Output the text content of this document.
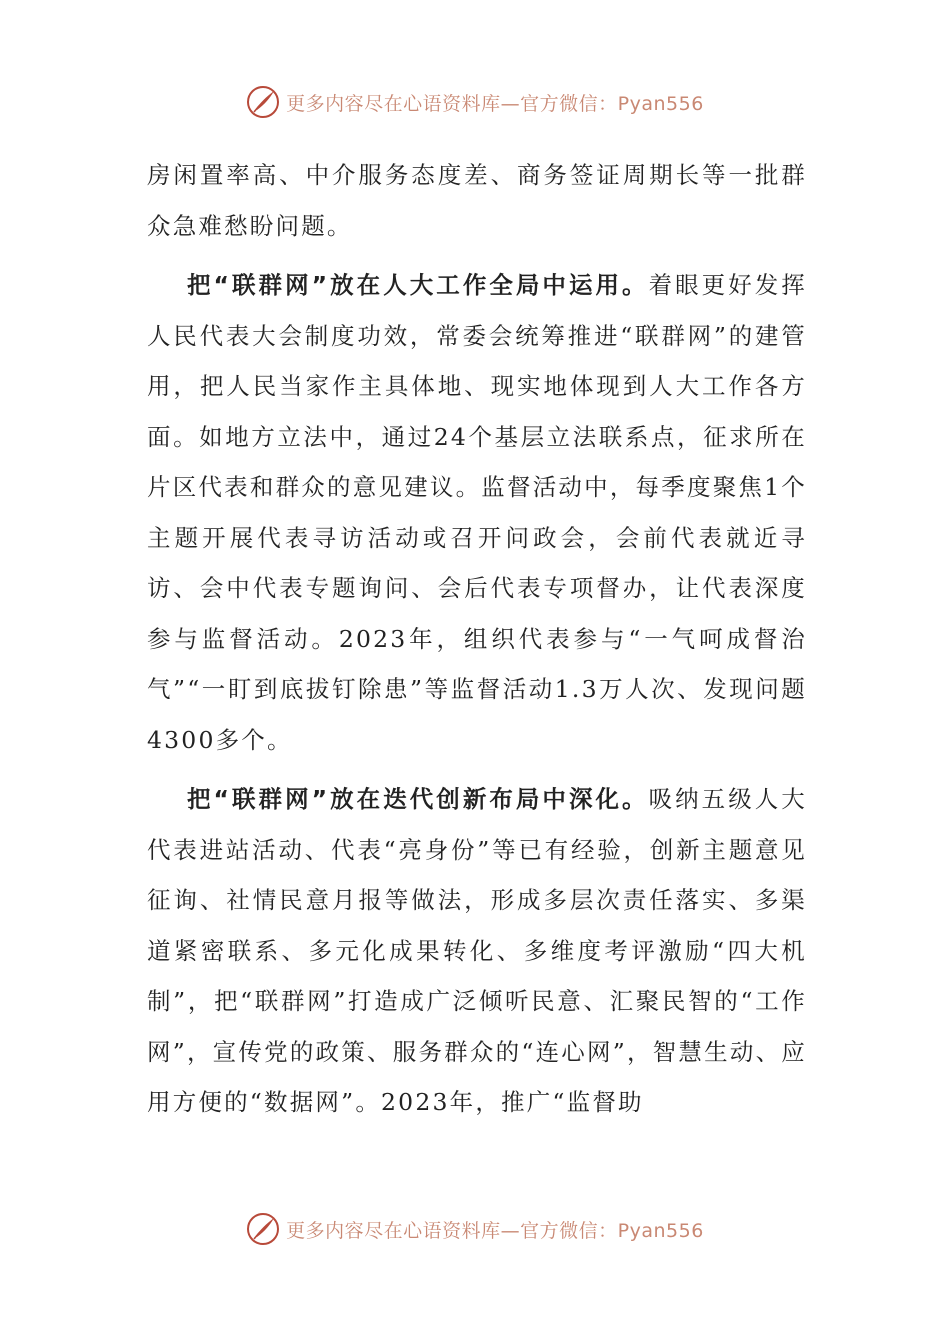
更多内容尽在心语资料库—官方微信：Pyan556

房闲置率高、中介服务态度差、商务签证周期长等一批群众急难愁盼问题。

把“联群网”放在人大工作全局中运用。着眼更好发挥人民代表大会制度功效，常委会统筹推进“联群网”的建管用，把人民当家作主具体地、现实地体现到人大工作各方面。如地方立法中，通过24个基层立法联系点，征求所在片区代表和群众的意见建议。监督活动中，每季度聚焦1个主题开展代表寻访活动或召开问政会，会前代表就近寻访、会中代表专题询问、会后代表专项督办，让代表深度参与监督活动。2023年，组织代表参与“一气呵成督治气”“一盯到底拔钉除患”等监督活动1.3万人次、发现问题4300多个。

把“联群网”放在迭代创新布局中深化。吸纳五级人大代表进站活动、代表“亮身份”等已有经验，创新主题意见征询、社情民意月报等做法，形成多层次责任落实、多渠道紧密联系、多元化成果转化、多维度考评激励“四大机制”，把“联群网”打造成广泛倾听民意、汇聚民智的“工作网”，宣传党的政策、服务群众的“连心网”，智慧生动、应用方便的“数据网”。2023年，推广“监督助

更多内容尽在心语资料库—官方微信：Pyan556
